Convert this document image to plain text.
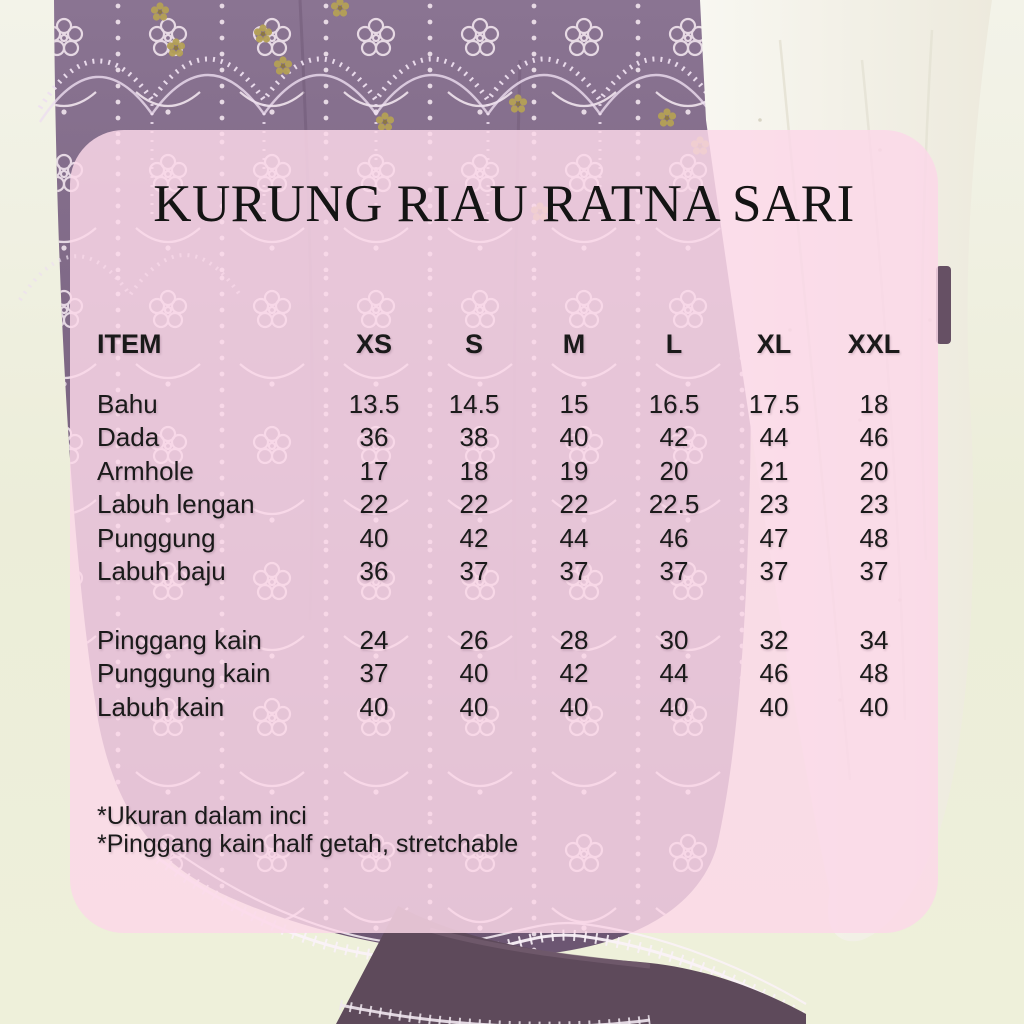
KURUNG RIAU RATNA SARI
ITEM	XS	S	M	L	XL	XXL
Bahu	13.5	14.5	15	16.5	17.5	18
Dada	36	38	40	42	44	46
Armhole	17	18	19	20	21	20
Labuh lengan	22	22	22	22.5	23	23
Punggung	40	42	44	46	47	48
Labuh baju	36	37	37	37	37	37
Pinggang kain	24	26	28	30	32	34
Punggung kain	37	40	42	44	46	48
Labuh kain	40	40	40	40	40	40
*Ukuran dalam inci
*Pinggang kain half getah, stretchable
